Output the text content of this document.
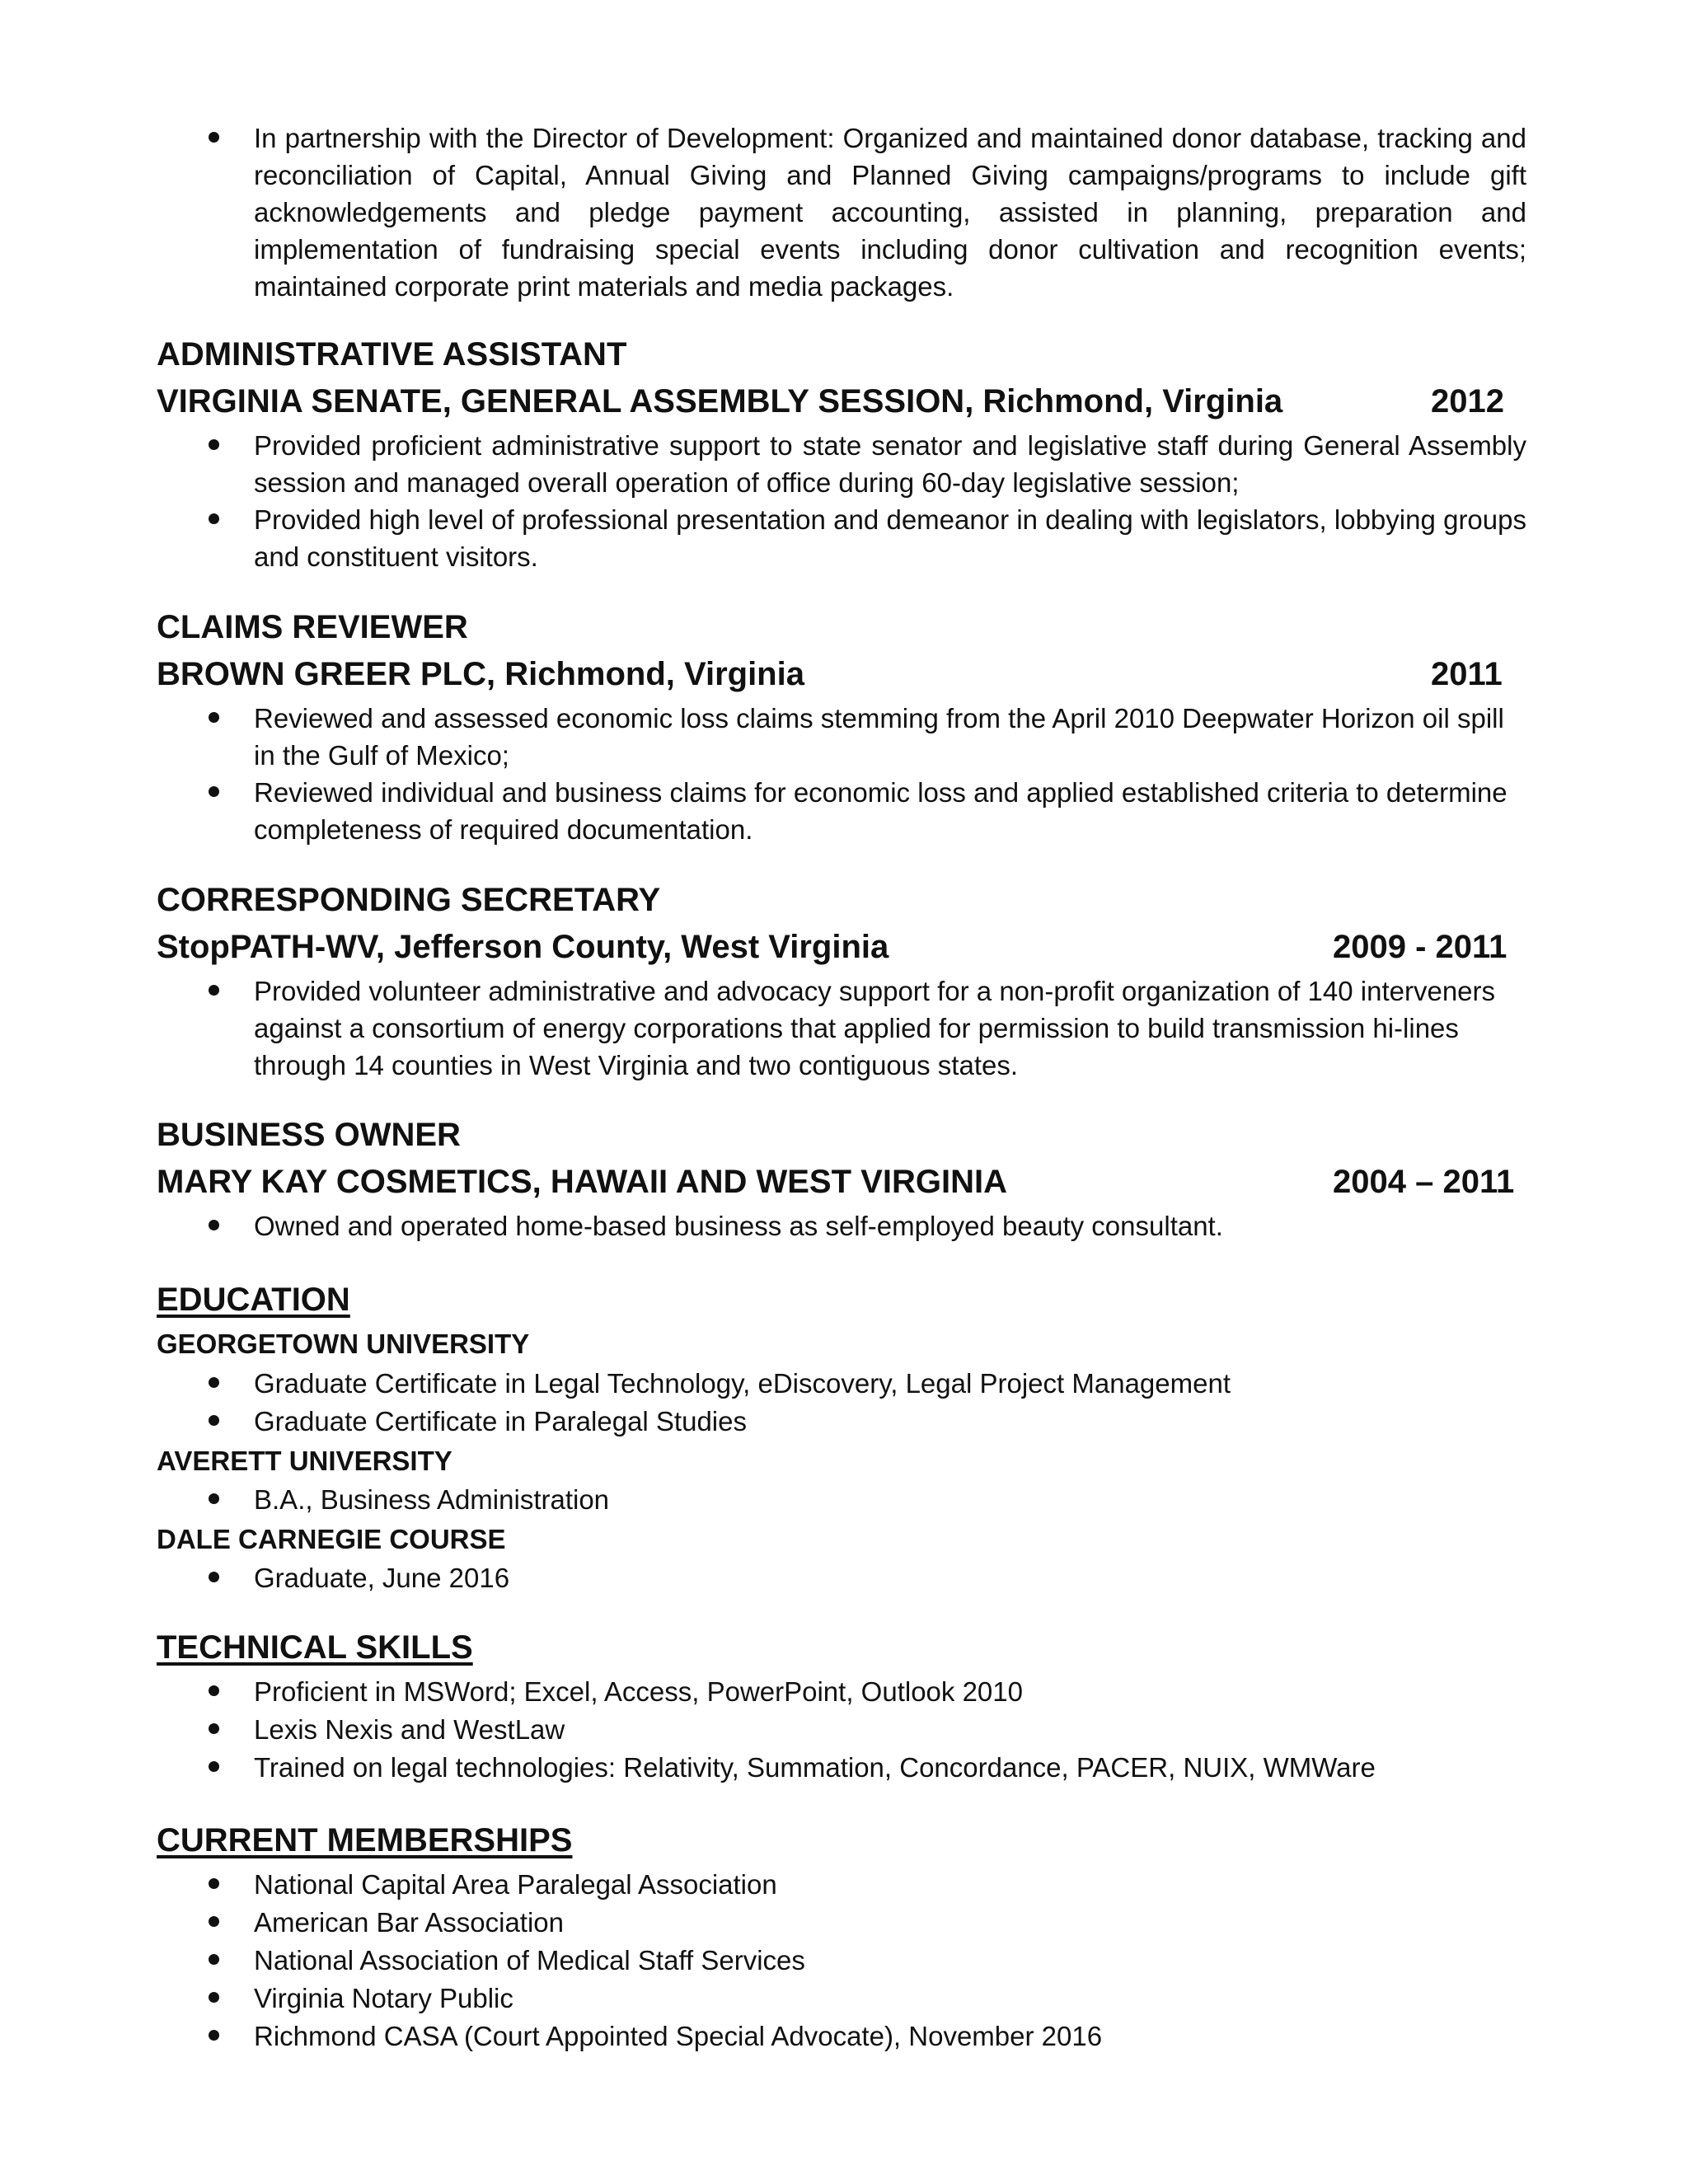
In partnership with the Director of Development: Organized and maintained donor database, tracking and reconciliation of Capital, Annual Giving and Planned Giving campaigns/programs to include gift acknowledgements and pledge payment accounting, assisted in planning, preparation and implementation of fundraising special events including donor cultivation and recognition events; maintained corporate print materials and media packages.
ADMINISTRATIVE ASSISTANT
VIRGINIA SENATE, GENERAL ASSEMBLY SESSION, Richmond, Virginia	2012
Provided proficient administrative support to state senator and legislative staff during General Assembly session and managed overall operation of office during 60-day legislative session;
Provided high level of professional presentation and demeanor in dealing with legislators, lobbying groups and constituent visitors.
CLAIMS REVIEWER
BROWN GREER PLC, Richmond, Virginia	2011
Reviewed and assessed economic loss claims stemming from the April 2010 Deepwater Horizon oil spill in the Gulf of Mexico;
Reviewed individual and business claims for economic loss and applied established criteria to determine completeness of required documentation.
CORRESPONDING SECRETARY
StopPATH-WV, Jefferson County, West Virginia	2009 - 2011
Provided volunteer administrative and advocacy support for a non-profit organization of 140 interveners against a consortium of energy corporations that applied for permission to build transmission hi-lines through 14 counties in West Virginia and two contiguous states.
BUSINESS OWNER
MARY KAY COSMETICS, HAWAII AND WEST VIRGINIA	2004 – 2011
Owned and operated home-based business as self-employed beauty consultant.
EDUCATION
GEORGETOWN UNIVERSITY
Graduate Certificate in Legal Technology, eDiscovery, Legal Project Management
Graduate Certificate in Paralegal Studies
AVERETT UNIVERSITY
B.A., Business Administration
DALE CARNEGIE COURSE
Graduate, June 2016
TECHNICAL SKILLS
Proficient in MSWord; Excel, Access, PowerPoint, Outlook 2010
Lexis Nexis and WestLaw
Trained on legal technologies: Relativity, Summation, Concordance, PACER, NUIX, WMWare
CURRENT MEMBERSHIPS
National Capital Area Paralegal Association
American Bar Association
National Association of Medical Staff Services
Virginia Notary Public
Richmond CASA (Court Appointed Special Advocate), November 2016
